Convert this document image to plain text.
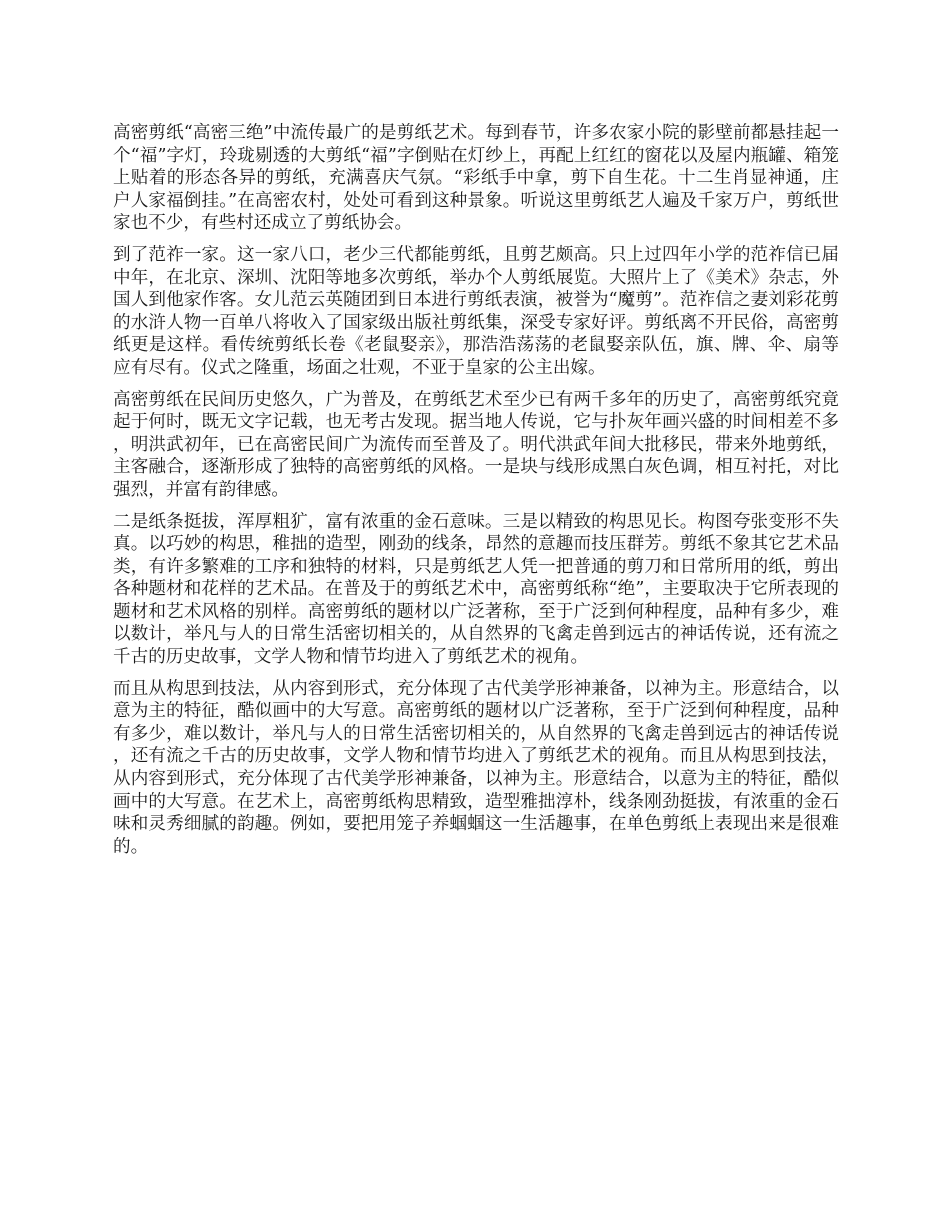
高密剪纸“高密三绝”中流传最广的是剪纸艺术。每到春节，许多农家小院的影壁前都悬挂起一个“福”字灯，玲珑剔透的大剪纸“福”字倒贴在灯纱上，再配上红红的窗花以及屋内瓶罐、箱笼上贴着的形态各异的剪纸，充满喜庆气氛。“彩纸手中拿，剪下自生花。十二生肖显神通，庄户人家福倒挂。”在高密农村，处处可看到这种景象。听说这里剪纸艺人遍及千家万户，剪纸世家也不少，有些村还成立了剪纸协会。

到了范祚一家。这一家八口，老少三代都能剪纸，且剪艺颇高。只上过四年小学的范祚信已届中年，在北京、深圳、沈阳等地多次剪纸，举办个人剪纸展览。大照片上了《美术》杂志，外国人到他家作客。女儿范云英随团到日本进行剪纸表演，被誉为“魔剪”。范祚信之妻刘彩花剪的水浒人物一百单八将收入了国家级出版社剪纸集，深受专家好评。剪纸离不开民俗，高密剪纸更是这样。看传统剪纸长卷《老鼠娶亲》，那浩浩荡荡的老鼠娶亲队伍，旗、牌、伞、扇等应有尽有。仪式之隆重，场面之壮观，不亚于皇家的公主出嫁。

高密剪纸在民间历史悠久，广为普及，在剪纸艺术至少已有两千多年的历史了，高密剪纸究竟起于何时，既无文字记载，也无考古发现。据当地人传说，它与扑灰年画兴盛的时间相差不多，明洪武初年，已在高密民间广为流传而至普及了。明代洪武年间大批移民，带来外地剪纸，主客融合，逐渐形成了独特的高密剪纸的风格。一是块与线形成黑白灰色调，相互衬托，对比强烈，并富有韵律感。

二是纸条挺拔，浑厚粗犷，富有浓重的金石意味。三是以精致的构思见长。构图夸张变形不失真。以巧妙的构思，稚拙的造型，刚劲的线条，昂然的意趣而技压群芳。剪纸不象其它艺术品类，有许多繁难的工序和独特的材料，只是剪纸艺人凭一把普通的剪刀和日常所用的纸，剪出各种题材和花样的艺术品。在普及于的剪纸艺术中，高密剪纸称“绝”，主要取决于它所表现的题材和艺术风格的别样。高密剪纸的题材以广泛著称，至于广泛到何种程度，品种有多少，难以数计，举凡与人的日常生活密切相关的，从自然界的飞禽走兽到远古的神话传说，还有流之千古的历史故事，文学人物和情节均进入了剪纸艺术的视角。

而且从构思到技法，从内容到形式，充分体现了古代美学形神兼备，以神为主。形意结合，以意为主的特征，酷似画中的大写意。高密剪纸的题材以广泛著称，至于广泛到何种程度，品种有多少，难以数计，举凡与人的日常生活密切相关的，从自然界的飞禽走兽到远古的神话传说，还有流之千古的历史故事，文学人物和情节均进入了剪纸艺术的视角。而且从构思到技法，从内容到形式，充分体现了古代美学形神兼备，以神为主。形意结合，以意为主的特征，酷似画中的大写意。在艺术上，高密剪纸构思精致，造型雅拙淳朴，线条刚劲挺拔，有浓重的金石味和灵秀细腻的韵趣。例如，要把用笼子养蝈蝈这一生活趣事，在单色剪纸上表现出来是很难的。
